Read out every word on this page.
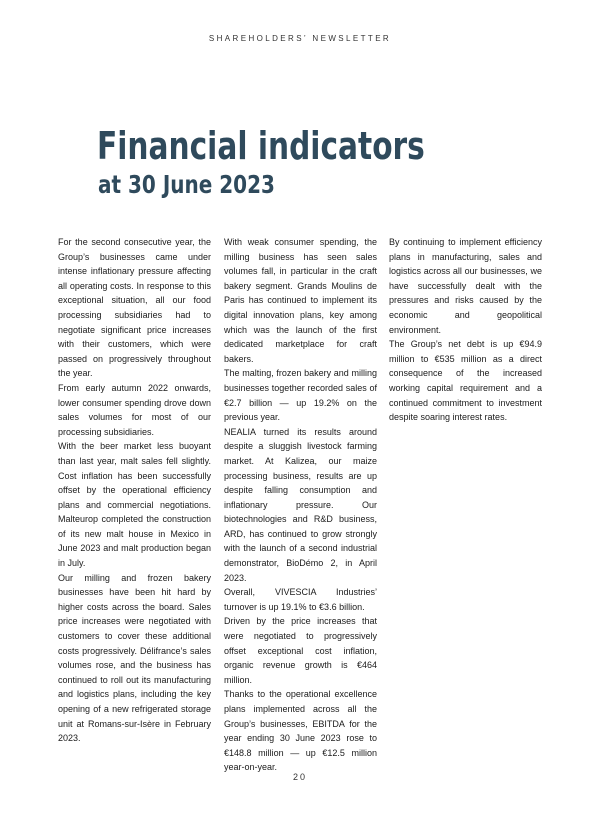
SHAREHOLDERS’ NEWSLETTER
Financial indicators
at 30 June 2023

For the second consecutive year, the Group’s businesses came under intense inflationary pressure affecting all operating costs. In response to this exceptional situation, all our food processing subsidiaries had to negotiate significant price increases with their customers, which were passed on progressively throughout the year.

From early autumn 2022 onwards, lower consumer spending drove down sales volumes for most of our processing subsidiaries.

With the beer market less buoyant than last year, malt sales fell slightly. Cost inflation has been successfully offset by the operational efficiency plans and commercial negotiations. Malteurop completed the construction of its new malt house in Mexico in June 2023 and malt production began in July.

Our milling and frozen bakery businesses have been hit hard by higher costs across the board. Sales price increases were negotiated with customers to cover these additional costs progressively. Délifrance’s sales volumes rose, and the business has continued to roll out its manufacturing and logistics plans, including the key opening of a new refrigerated storage unit at Romans-sur-Isère in February 2023.

With weak consumer spending, the milling business has seen sales volumes fall, in particular in the craft bakery segment. Grands Moulins de Paris has continued to implement its digital innovation plans, key among which was the launch of the first dedicated marketplace for craft bakers.

The malting, frozen bakery and milling businesses together recorded sales of €2.7 billion — up 19.2% on the previous year.

NEALIA turned its results around despite a sluggish livestock farming market. At Kalizea, our maize processing business, results are up despite falling consumption and inflationary pressure. Our biotechnologies and R&D business, ARD, has continued to grow strongly with the launch of a second industrial demonstrator, BioDémo 2, in April 2023.

Overall, VIVESCIA Industries’ turnover is up 19.1% to €3.6 billion.

Driven by the price increases that were negotiated to progressively offset exceptional cost inflation, organic revenue growth is €464 million.

Thanks to the operational excellence plans implemented across all the Group’s businesses, EBITDA for the year ending 30 June 2023 rose to €148.8 million — up €12.5 million year-on-year.

By continuing to implement efficiency plans in manufacturing, sales and logistics across all our businesses, we have successfully dealt with the pressures and risks caused by the economic and geopolitical environment.

The Group’s net debt is up €94.9 million to €535 million as a direct consequence of the increased working capital requirement and a continued commitment to investment despite soaring interest rates.

20
